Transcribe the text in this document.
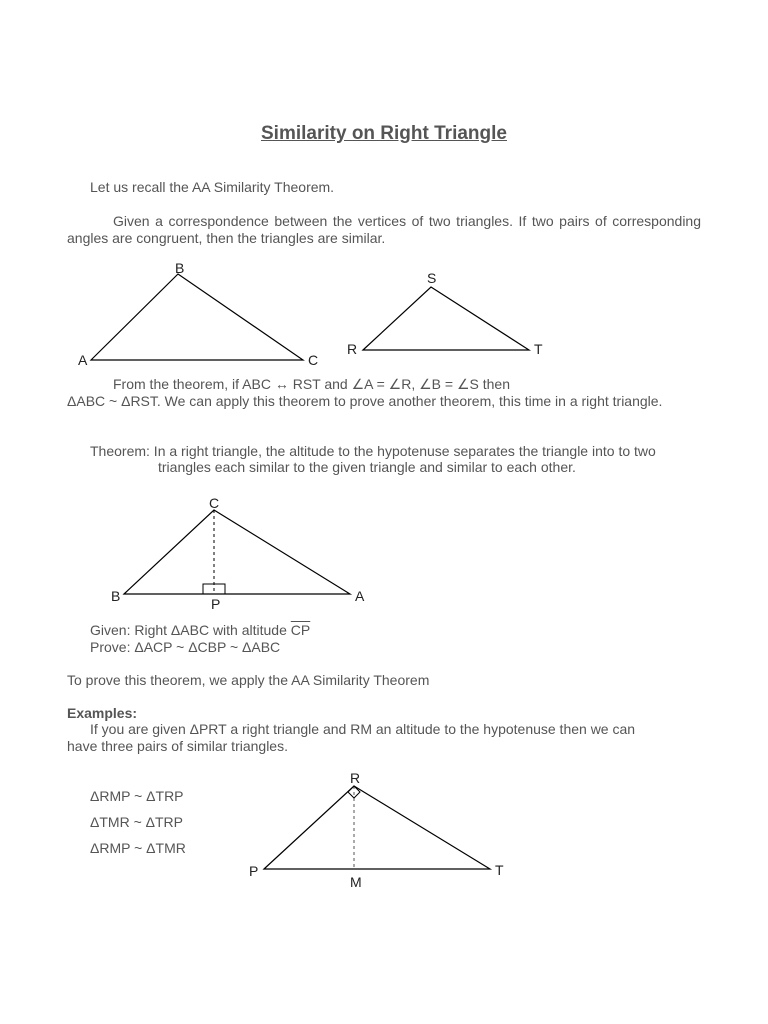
Similarity on Right Triangle
Let us recall the AA Similarity Theorem.
Given a correspondence between the vertices of two triangles. If two pairs of corresponding angles are congruent, then the triangles are similar.
A
B
C
R
S
T
From the theorem, if ABC ↔ RST and ∠A = ∠R, ∠B = ∠S then
ΔABC ~ ΔRST. We can apply this theorem to prove another theorem, this time in a right triangle.
Theorem: In a right triangle, the altitude to the hypotenuse separates the triangle into to two
triangles each similar to the given triangle and similar to each other.
C
B	A
P
Given: Right ΔABC with altitude $\overline{CP}$
Prove: ΔACP ~ ΔCBP ~ ΔABC
To prove this theorem, we apply the AA Similarity Theorem
Examples:
If you are given ΔPRT a right triangle and RM an altitude to the hypotenuse then we can
have three pairs of similar triangles.
ΔRMP ~ ΔTRP
ΔTMR ~ ΔTRP
ΔRMP ~ ΔTMR
R
P	T
M
